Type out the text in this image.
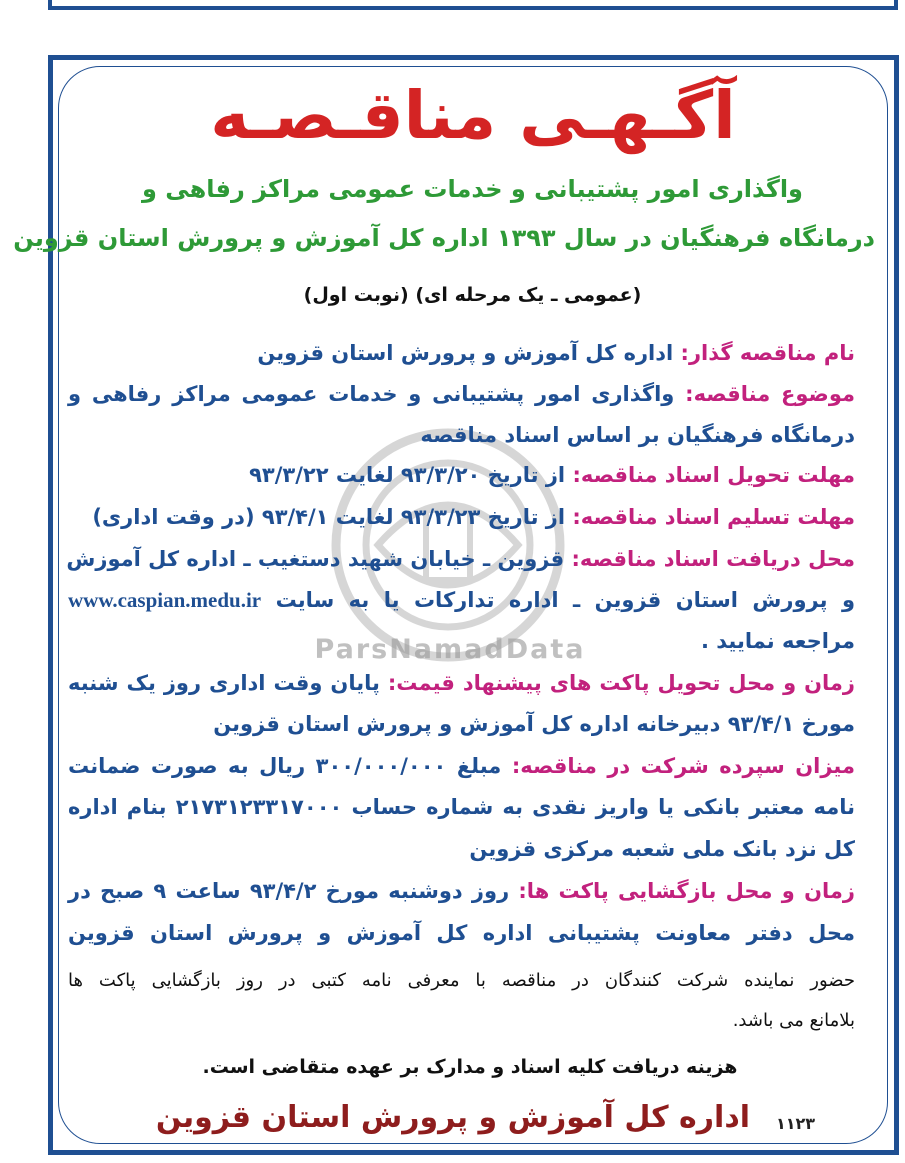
ParsNamadData
آگـهـی مناقـصـه
واگذاری امور پشتیبانی و خدمات عمومی مراکز رفاهی و
درمانگاه فرهنگیان در سال ۱۳۹۳ اداره کل آموزش و پرورش استان قزوین
(عمومی ـ یک مرحله ای) (نوبت اول)
نام مناقصه گذار: اداره کل آموزش و پرورش استان قزوین
موضوع مناقصه: واگذاری امور پشتیبانی و خدمات عمومی مراکز رفاهی و
درمانگاه فرهنگیان بر اساس اسناد مناقصه
مهلت تحویل اسناد مناقصه: از تاریخ ۹۳/۳/۲۰ لغایت ۹۳/۳/۲۲
مهلت تسلیم اسناد مناقصه: از تاریخ ۹۳/۳/۲۳ لغایت ۹۳/۴/۱ (در وقت اداری)
محل دریافت اسناد مناقصه: قزوین ـ خیابان شهید دستغیب ـ اداره کل آموزش
و پرورش استان قزوین ـ اداره تدارکات یا به سایت www.caspian.medu.ir
مراجعه نمایید .
زمان و محل تحویل پاکت های پیشنهاد قیمت: پایان وقت اداری روز یک شنبه
مورخ ۹۳/۴/۱ دبیرخانه اداره کل آموزش و پرورش استان قزوین
میزان سپرده شرکت در مناقصه: مبلغ ۳۰۰/۰۰۰/۰۰۰ ریال به صورت ضمانت
نامه معتبر بانکی یا واریز نقدی به شماره حساب ۲۱۷۳۱۲۳۳۱۷۰۰۰ بنام اداره
کل نزد بانک ملی شعبه مرکزی قزوین
زمان و محل بازگشایی پاکت ها: روز دوشنبه مورخ ۹۳/۴/۲ ساعت ۹ صبح در
محل دفتر معاونت پشتیبانی اداره کل آموزش و پرورش استان قزوین
حضور نماینده شرکت کنندگان در مناقصه با معرفی نامه کتبی در روز بازگشایی پاکت ها
بلامانع می باشد.
هزینه دریافت کلیه اسناد و مدارک بر عهده متقاضی است.
اداره کل آموزش و پرورش استان قزوین ۱۱۲۳
